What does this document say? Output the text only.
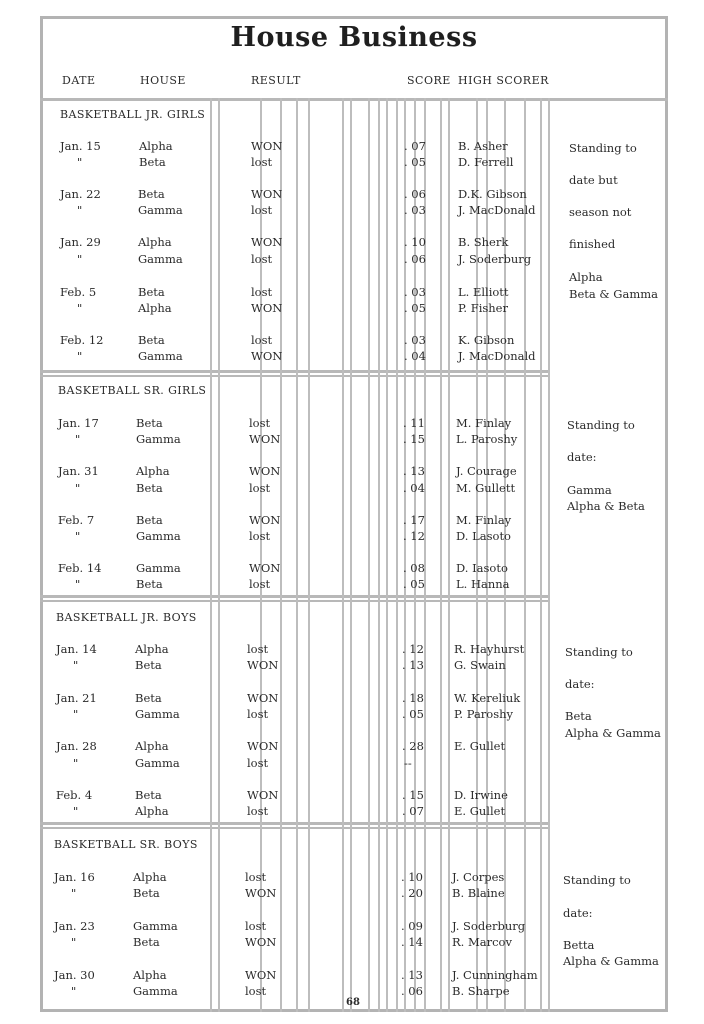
House Business
DATE	HOUSE	RESULT	SCORE HIGH SCORER
BASKETBALL JR. GIRLS
Jan. 15	Alpha	WON	. 07	B. Asher
"	Beta	lost	. 05	D. Ferrell
Jan. 22	Beta	WON	. 06	D.K. Gibson
"	Gamma	lost	. 03	J. MacDonald
Jan. 29	Alpha	WON	. 10	B. Sherk
"	Gamma	lost	. 06	J. Soderburg
Feb. 5	Beta	lost	. 03	L. Elliott
"	Alpha	WON	. 05	P. Fisher
Feb. 12	Beta	lost	. 03	K. Gibson
"	Gamma	WON	. 04	J. MacDonald
Standing to
date but
season not
finished
Alpha
Beta & Gamma
BASKETBALL SR. GIRLS
Jan. 17	Beta	lost	. 11	M. Finlay
"	Gamma	WON	. 15	L. Paroshy
Jan. 31	Alpha	WON	. 13	J. Courage
"	Beta	lost	. 04	M. Gullett
Feb. 7	Beta	WON	. 17	M. Finlay
"	Gamma	lost	. 12	D. Lasoto
Feb. 14	Gamma	WON	. 08	D. Iasoto
"	Beta	lost	. 05	L. Hanna
Standing to
date:
Gamma
Alpha & Beta
BASKETBALL JR. BOYS
Jan. 14	Alpha	lost	. 12	R. Hayhurst
"	Beta	WON	. 13	G. Swain
Jan. 21	Beta	WON	. 18	W. Kereliuk
"	Gamma	lost	. 05	P. Paroshy
Jan. 28	Alpha	WON	. 28	E. Gullet
"	Gamma	lost	--
Feb. 4	Beta	WON	. 15	D. Irwine
"	Alpha	lost	. 07	E. Gullet
Standing to
date:
Beta
Alpha & Gamma
BASKETBALL SR. BOYS
Jan. 16	Alpha	lost	. 10	J. Corpes
"	Beta	WON	. 20	B. Blaine
Jan. 23	Gamma	lost	. 09	J. Soderburg
"	Beta	WON	. 14	R. Marcov
Jan. 30	Alpha	WON	. 13	J. Cunningham
"	Gamma	lost	. 06	B. Sharpe
Standing to
date:
Betta
Alpha & Gamma
68
